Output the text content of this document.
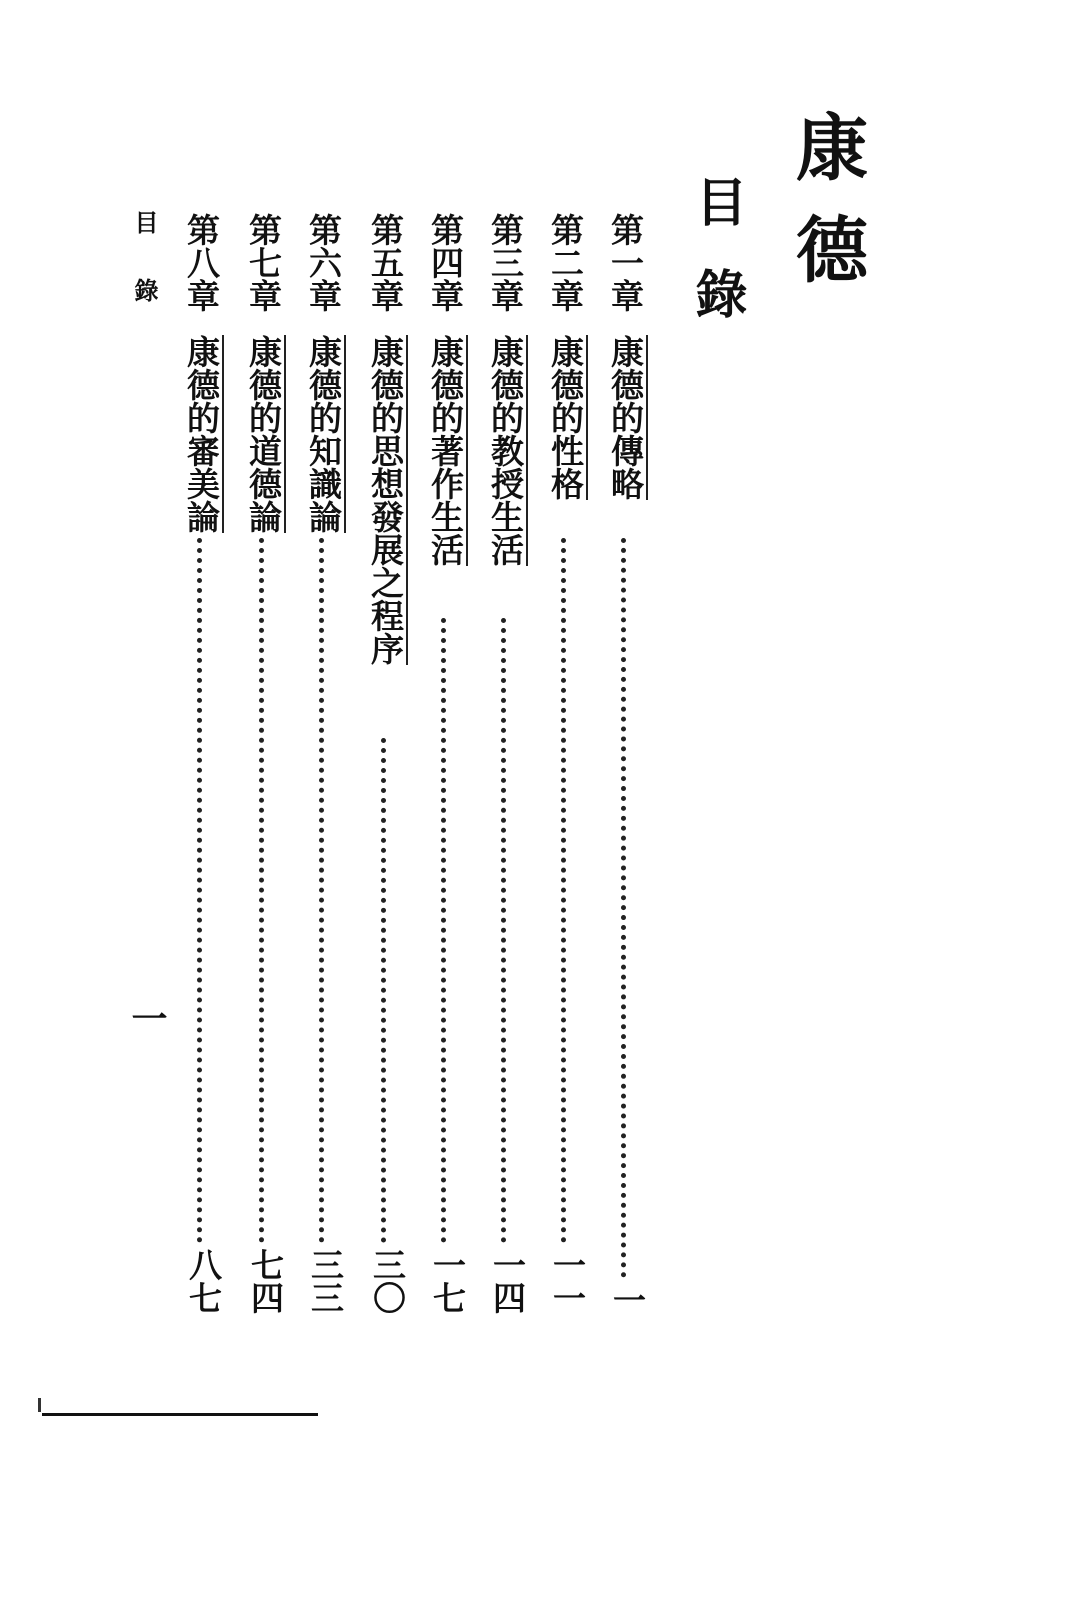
康德
目錄
第一章
康德的傳略
一
第二章
康德的性格
一一
第三章
康德的教授生活
一四
第四章
康德的著作生活
一七
第五章
康德的思想發展之程序
三〇
第六章
康德的知識論
三三
第七章
康德的道德論
七四
第八章
康德的審美論
八七
目錄
一
